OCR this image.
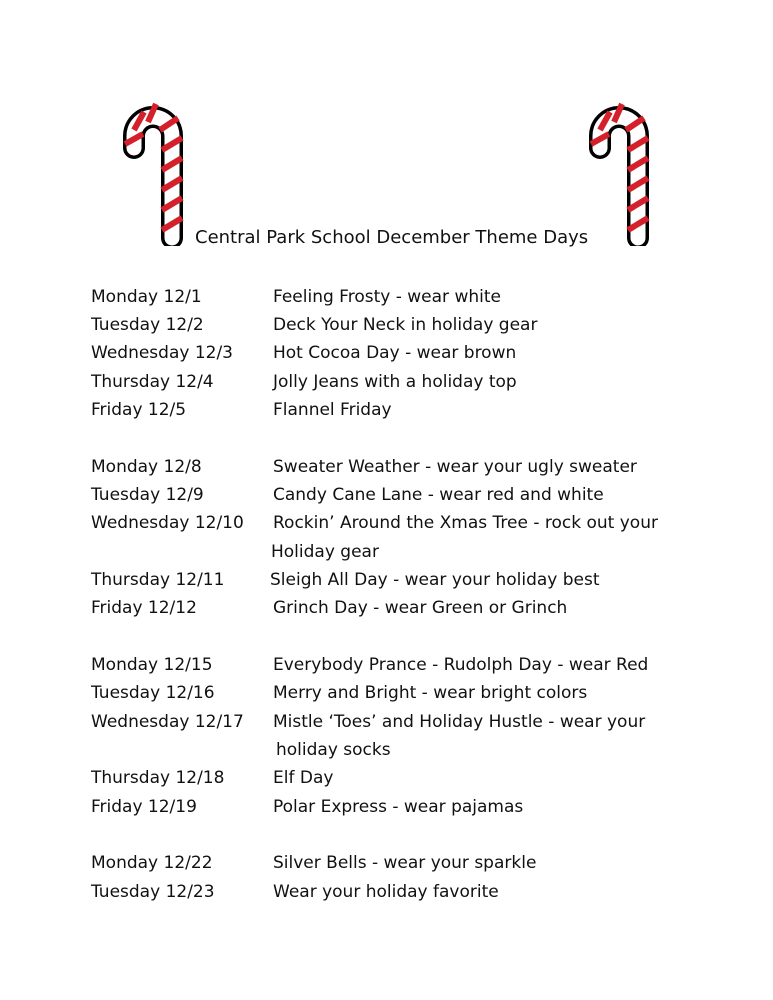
Central Park School December Theme Days
Monday 12/1	Feeling Frosty - wear white
Tuesday 12/2	Deck Your Neck in holiday gear
Wednesday 12/3 Hot Cocoa Day - wear brown
Thursday 12/4	Jolly Jeans with a holiday top
Friday 12/5	Flannel Friday
Monday 12/8	Sweater Weather - wear your ugly sweater
Tuesday 12/9	Candy Cane Lane - wear red and white
Wednesday 12/10 Rockin’ Around the Xmas Tree - rock out your
Holiday gear
Thursday 12/11	Sleigh All Day - wear your holiday best
Friday 12/12	Grinch Day - wear Green or Grinch
Monday 12/15	Everybody Prance - Rudolph Day - wear Red
Tuesday 12/16	Merry and Bright - wear bright colors
Wednesday 12/17 Mistle ‘Toes’ and Holiday Hustle - wear your
holiday socks
Thursday 12/18	Elf Day
Friday 12/19	Polar Express - wear pajamas
Monday 12/22	Silver Bells - wear your sparkle
Tuesday 12/23	Wear your holiday favorite
